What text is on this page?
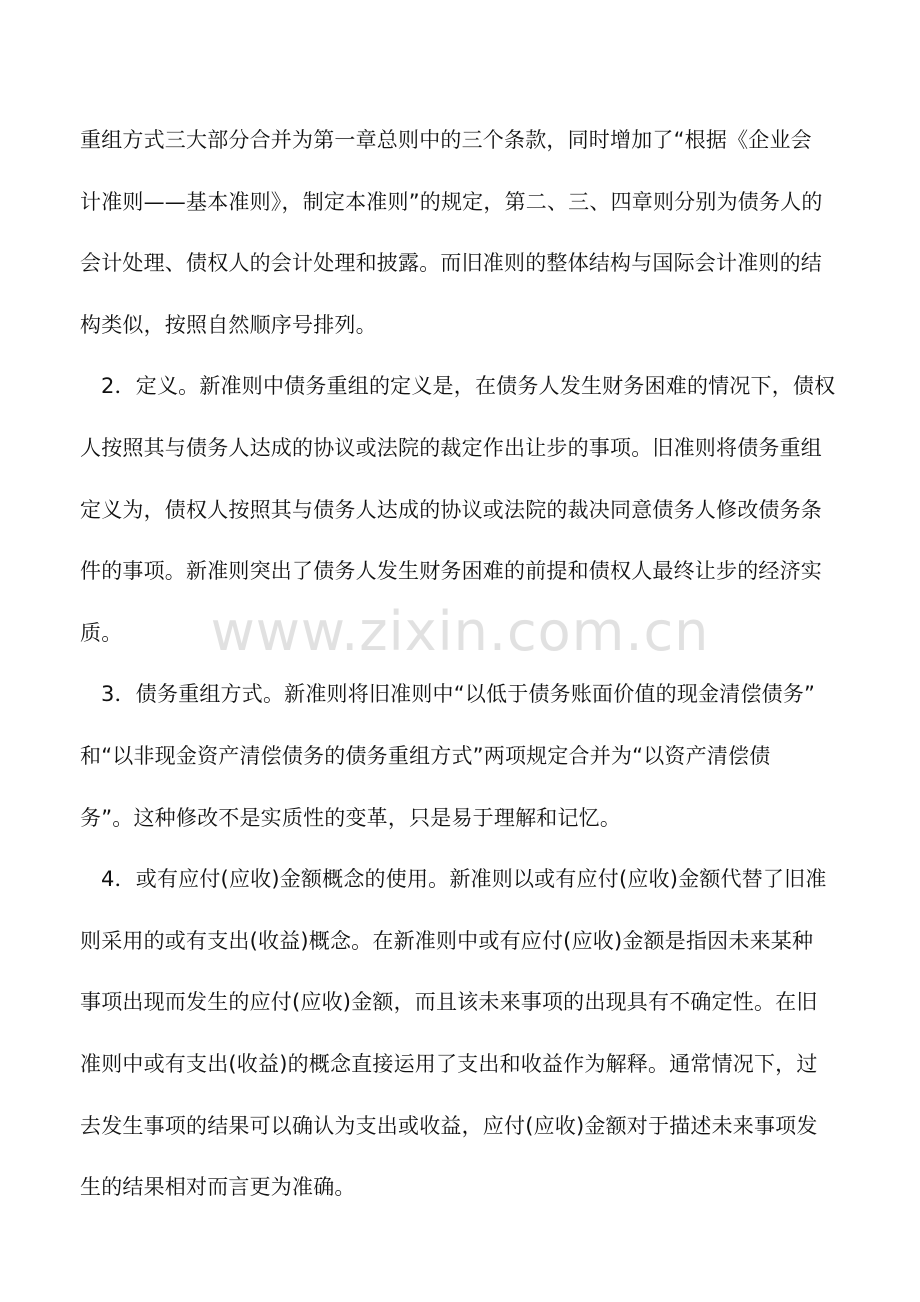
重组方式三大部分合并为第一章总则中的三个条款，同时增加了“根据《企业会
计准则——基本准则》，制定本准则”的规定，第二、三、四章则分别为债务人的
会计处理、债权人的会计处理和披露。而旧准则的整体结构与国际会计准则的结
构类似，按照自然顺序号排列。
2．定义。新准则中债务重组的定义是，在债务人发生财务困难的情况下，债权
人按照其与债务人达成的协议或法院的裁定作出让步的事项。旧准则将债务重组
定义为，债权人按照其与债务人达成的协议或法院的裁决同意债务人修改债务条
件的事项。新准则突出了债务人发生财务困难的前提和债权人最终让步的经济实
质。
3．债务重组方式。新准则将旧准则中“以低于债务账面价值的现金清偿债务”
和“以非现金资产清偿债务的债务重组方式”两项规定合并为“以资产清偿债
务”。这种修改不是实质性的变革，只是易于理解和记忆。
4．或有应付(应收)金额概念的使用。新准则以或有应付(应收)金额代替了旧准
则采用的或有支出(收益)概念。在新准则中或有应付(应收)金额是指因未来某种
事项出现而发生的应付(应收)金额，而且该未来事项的出现具有不确定性。在旧
准则中或有支出(收益)的概念直接运用了支出和收益作为解释。通常情况下，过
去发生事项的结果可以确认为支出或收益，应付(应收)金额对于描述未来事项发
生的结果相对而言更为准确。
www.zixin.com.cn
